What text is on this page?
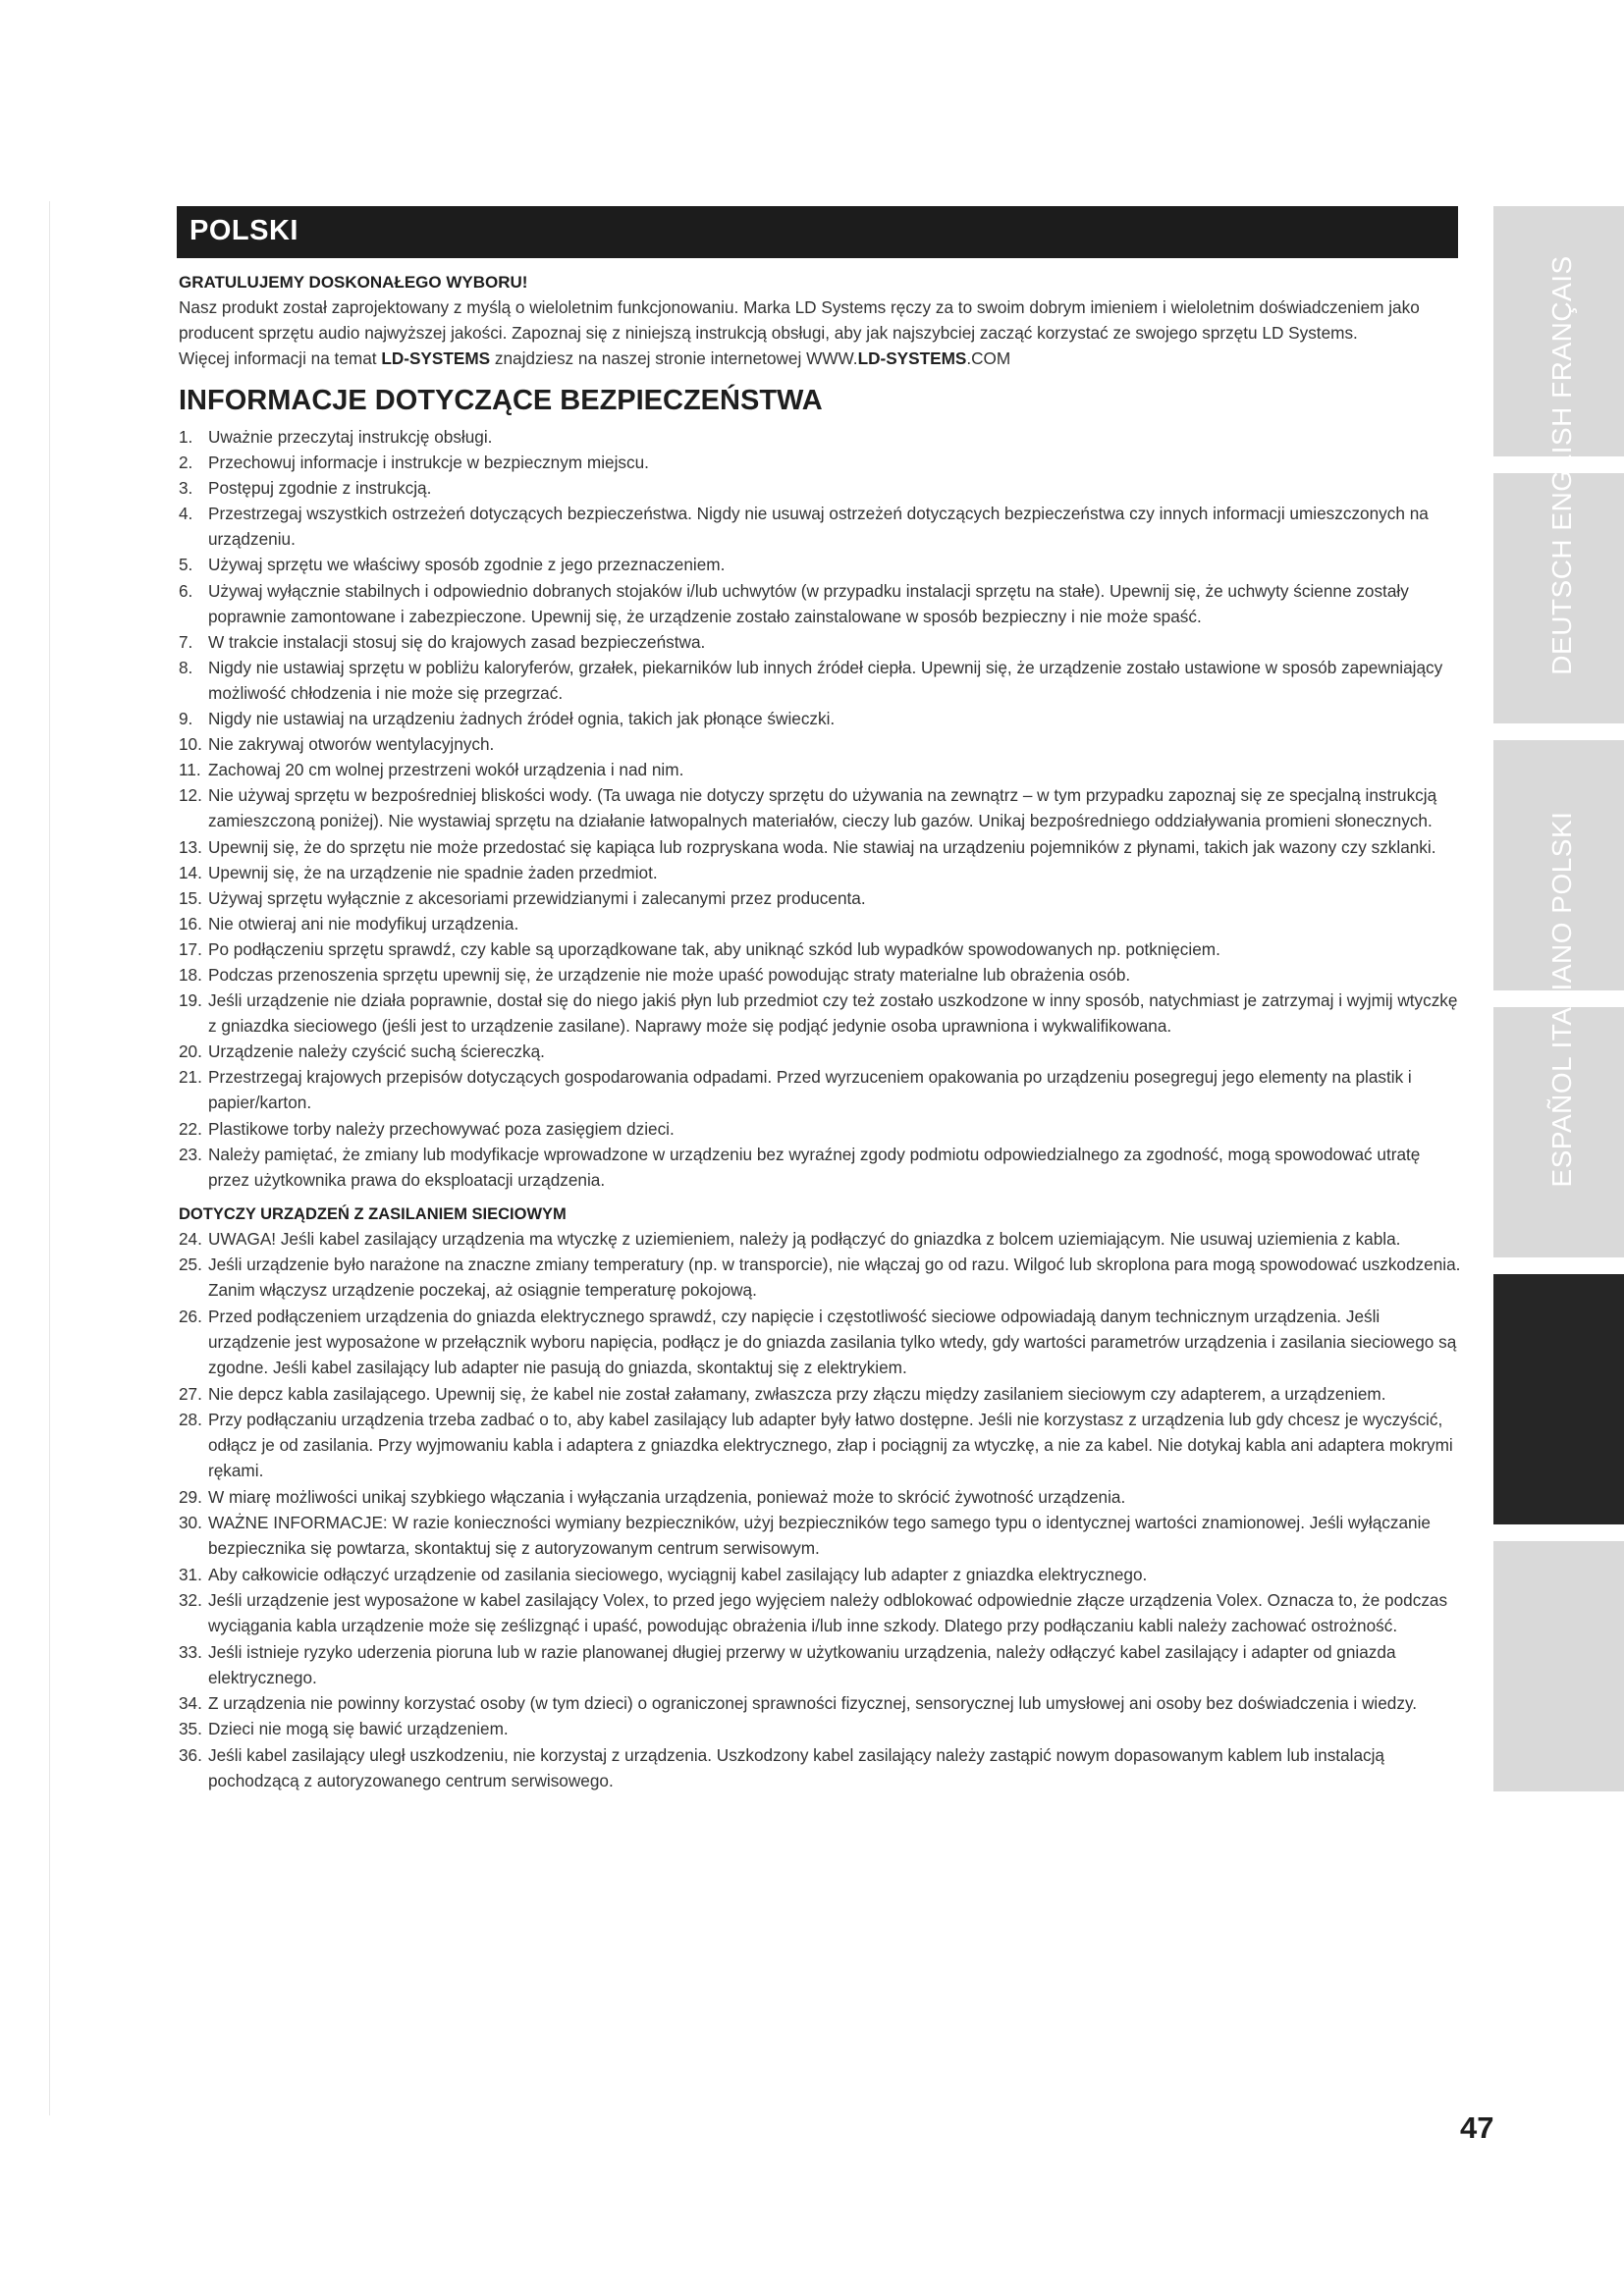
POLSKI

GRATULUJEMY DOSKONAŁEGO WYBORU!

Nasz produkt został zaprojektowany z myślą o wieloletnim funkcjonowaniu. Marka LD Systems ręczy za to swoim dobrym imieniem i wieloletnim doświadczeniem jako producent sprzętu audio najwyższej jakości. Zapoznaj się z niniejszą instrukcją obsługi, aby jak najszybciej zacząć korzystać ze swojego sprzętu LD Systems.

Więcej informacji na temat LD-SYSTEMS znajdziesz na naszej stronie internetowej WWW.LD-SYSTEMS.COM

INFORMACJE DOTYCZĄCE BEZPIECZEŃSTWA
1. Uważnie przeczytaj instrukcję obsługi.
2. Przechowuj informacje i instrukcje w bezpiecznym miejscu.
3. Postępuj zgodnie z instrukcją.
4. Przestrzegaj wszystkich ostrzeżeń dotyczących bezpieczeństwa. Nigdy nie usuwaj ostrzeżeń dotyczących bezpieczeństwa czy innych informacji umieszczonych na urządzeniu.
5. Używaj sprzętu we właściwy sposób zgodnie z jego przeznaczeniem.
6. Używaj wyłącznie stabilnych i odpowiednio dobranych stojaków i/lub uchwytów (w przypadku instalacji sprzętu na stałe). Upewnij się, że uchwyty ścienne zostały poprawnie zamontowane i zabezpieczone. Upewnij się, że urządzenie zostało zainstalowane w sposób bezpieczny i nie może spaść.
7. W trakcie instalacji stosuj się do krajowych zasad bezpieczeństwa.
8. Nigdy nie ustawiaj sprzętu w pobliżu kaloryferów, grzałek, piekarników lub innych źródeł ciepła. Upewnij się, że urządzenie zostało ustawione w sposób zapewniający możliwość chłodzenia i nie może się przegrzać.
9. Nigdy nie ustawiaj na urządzeniu żadnych źródeł ognia, takich jak płonące świeczki.
10. Nie zakrywaj otworów wentylacyjnych.
11. Zachowaj 20 cm wolnej przestrzeni wokół urządzenia i nad nim.
12. Nie używaj sprzętu w bezpośredniej bliskości wody. (Ta uwaga nie dotyczy sprzętu do używania na zewnątrz – w tym przypadku zapoznaj się ze specjalną instrukcją zamieszczoną poniżej). Nie wystawiaj sprzętu na działanie łatwopalnych materiałów, cieczy lub gazów. Unikaj bezpośredniego oddziaływania promieni słonecznych.
13. Upewnij się, że do sprzętu nie może przedostać się kapiąca lub rozpryskana woda. Nie stawiaj na urządzeniu pojemników z płynami, takich jak wazony czy szklanki.
14. Upewnij się, że na urządzenie nie spadnie żaden przedmiot.
15. Używaj sprzętu wyłącznie z akcesoriami przewidzianymi i zalecanymi przez producenta.
16. Nie otwieraj ani nie modyfikuj urządzenia.
17. Po podłączeniu sprzętu sprawdź, czy kable są uporządkowane tak, aby uniknąć szkód lub wypadków spowodowanych np. potknięciem.
18. Podczas przenoszenia sprzętu upewnij się, że urządzenie nie może upaść powodując straty materialne lub obrażenia osób.
19. Jeśli urządzenie nie działa poprawnie, dostał się do niego jakiś płyn lub przedmiot czy też zostało uszkodzone w inny sposób, natychmiast je zatrzymaj i wyjmij wtyczkę z gniazdka sieciowego (jeśli jest to urządzenie zasilane). Naprawy może się podjąć jedynie osoba uprawniona i wykwalifikowana.
20. Urządzenie należy czyścić suchą ściereczką.
21. Przestrzegaj krajowych przepisów dotyczących gospodarowania odpadami. Przed wyrzuceniem opakowania po urządzeniu posegreguj jego elementy na plastik i papier/karton.
22. Plastikowe torby należy przechowywać poza zasięgiem dzieci.
23. Należy pamiętać, że zmiany lub modyfikacje wprowadzone w urządzeniu bez wyraźnej zgody podmiotu odpowiedzialnego za zgodność, mogą spowodować utratę przez użytkownika prawa do eksploatacji urządzenia.

DOTYCZY URZĄDZEŃ Z ZASILANIEM SIECIOWYM

24. UWAGA! Jeśli kabel zasilający urządzenia ma wtyczkę z uziemieniem, należy ją podłączyć do gniazdka z bolcem uziemiającym. Nie usuwaj uziemienia z kabla.
25. Jeśli urządzenie było narażone na znaczne zmiany temperatury (np. w transporcie), nie włączaj go od razu. Wilgoć lub skroplona para mogą spowodować uszkodzenia. Zanim włączysz urządzenie poczekaj, aż osiągnie temperaturę pokojową.
26. Przed podłączeniem urządzenia do gniazda elektrycznego sprawdź, czy napięcie i częstotliwość sieciowe odpowiadają danym technicznym urządzenia. Jeśli urządzenie jest wyposażone w przełącznik wyboru napięcia, podłącz je do gniazda zasilania tylko wtedy, gdy wartości parametrów urządzenia i zasilania sieciowego są zgodne. Jeśli kabel zasilający lub adapter nie pasują do gniazda, skontaktuj się z elektrykiem.
27. Nie depcz kabla zasilającego. Upewnij się, że kabel nie został załamany, zwłaszcza przy złączu między zasilaniem sieciowym czy adapterem, a urządzeniem.
28. Przy podłączaniu urządzenia trzeba zadbać o to, aby kabel zasilający lub adapter były łatwo dostępne. Jeśli nie korzystasz z urządzenia lub gdy chcesz je wyczyścić, odłącz je od zasilania. Przy wyjmowaniu kabla i adaptera z gniazdka elektrycznego, złap i pociągnij za wtyczkę, a nie za kabel. Nie dotykaj kabla ani adaptera mokrymi rękami.
29. W miarę możliwości unikaj szybkiego włączania i wyłączania urządzenia, ponieważ może to skrócić żywotność urządzenia.
30. WAŻNE INFORMACJE: W razie konieczności wymiany bezpieczników, użyj bezpieczników tego samego typu o identycznej wartości znamionowej. Jeśli wyłączanie bezpiecznika się powtarza, skontaktuj się z autoryzowanym centrum serwisowym.
31. Aby całkowicie odłączyć urządzenie od zasilania sieciowego, wyciągnij kabel zasilający lub adapter z gniazdka elektrycznego.
32. Jeśli urządzenie jest wyposażone w kabel zasilający Volex, to przed jego wyjęciem należy odblokować odpowiednie złącze urządzenia Volex. Oznacza to, że podczas wyciągania kabla urządzenie może się ześlizgnąć i upaść, powodując obrażenia i/lub inne szkody. Dlatego przy podłączaniu kabli należy zachować ostrożność.
33. Jeśli istnieje ryzyko uderzenia pioruna lub w razie planowanej długiej przerwy w użytkowaniu urządzenia, należy odłączyć kabel zasilający i adapter od gniazda elektrycznego.
34. Z urządzenia nie powinny korzystać osoby (w tym dzieci) o ograniczonej sprawności fizycznej, sensorycznej lub umysłowej ani osoby bez doświadczenia i wiedzy.
35. Dzieci nie mogą się bawić urządzeniem.
36. Jeśli kabel zasilający uległ uszkodzeniu, nie korzystaj z urządzenia. Uszkodzony kabel zasilający należy zastąpić nowym dopasowanym kablem lub instalacją pochodzącą z autoryzowanego centrum serwisowego.
DEUTSCH ENGLISH FRANÇAIS
ESPAÑOL ITALIANO POLSKI
47
